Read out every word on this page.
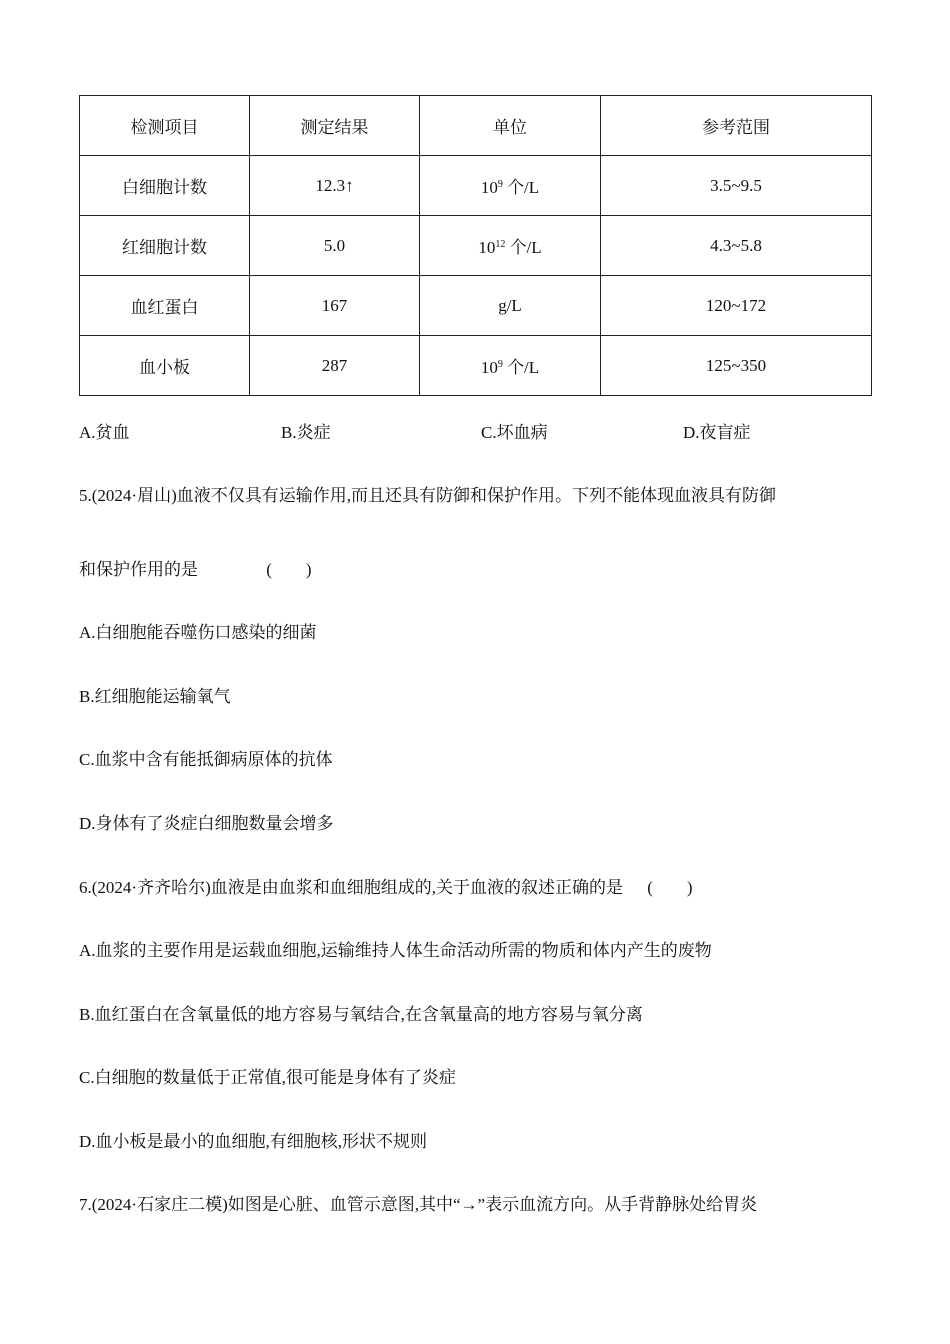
检测项目	测定结果	单位	参考范围
白细胞计数	12.3↑	$10^9$ 个/L	3.5~9.5
红细胞计数	5.0	$10^{12}$ 个/L	4.3~5.8
血红蛋白	167	g/L	120~172
血小板	287	$10^9$ 个/L	125~350
A.贫血	B.炎症	C.坏血病	D.夜盲症
5.(2024·眉山)血液不仅具有运输作用,而且还具有防御和保护作用。下列不能体现血液具有防御
和保护作用的是	(　　)
A.白细胞能吞噬伤口感染的细菌
B.红细胞能运输氧气
C.血浆中含有能抵御病原体的抗体
D.身体有了炎症白细胞数量会增多
6.(2024·齐齐哈尔)血液是由血浆和血细胞组成的,关于血液的叙述正确的是 (　　)
A.血浆的主要作用是运载血细胞,运输维持人体生命活动所需的物质和体内产生的废物
B.血红蛋白在含氧量低的地方容易与氧结合,在含氧量高的地方容易与氧分离
C.白细胞的数量低于正常值,很可能是身体有了炎症
D.血小板是最小的血细胞,有细胞核,形状不规则
7.(2024·石家庄二模)如图是心脏、血管示意图,其中“→”表示血流方向。从手背静脉处给胃炎
